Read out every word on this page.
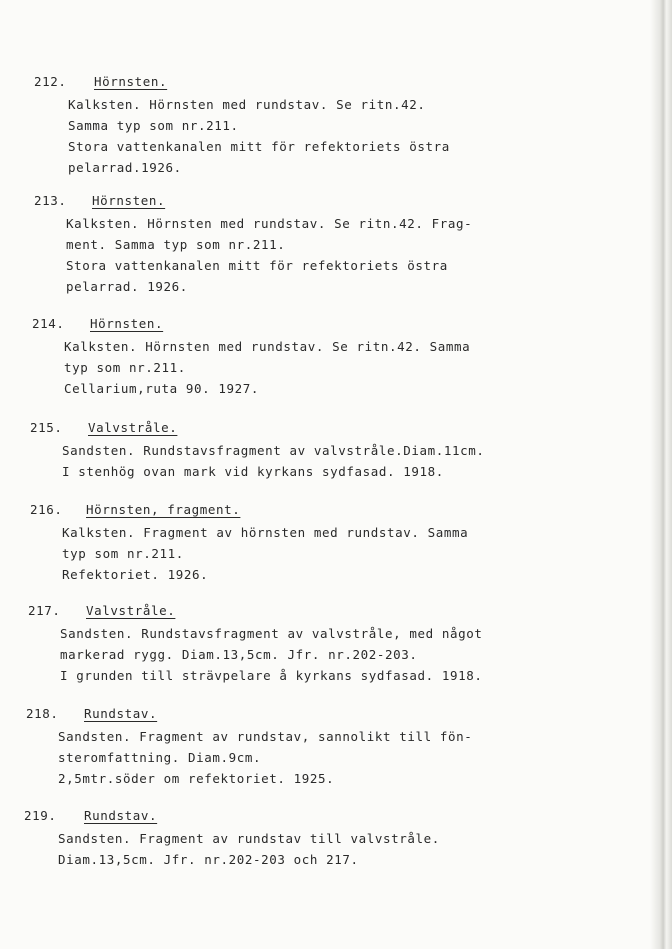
212. Hörnsten.
Kalksten. Hörnsten med rundstav. Se ritn.42.
Samma typ som nr.211.
Stora vattenkanalen mitt för refektoriets östra
pelarrad.1926.
213. Hörnsten.
Kalksten. Hörnsten med rundstav. Se ritn.42. Frag-
ment. Samma typ som nr.211.
Stora vattenkanalen mitt för refektoriets östra
pelarrad. 1926.
214. Hörnsten.
Kalksten. Hörnsten med rundstav. Se ritn.42. Samma
typ som nr.211.
Cellarium,ruta 90. 1927.
215. Valvstråle.
Sandsten. Rundstavsfragment av valvstråle.Diam.11cm.
I stenhög ovan mark vid kyrkans sydfasad. 1918.
216. Hörnsten, fragment.
Kalksten. Fragment av hörnsten med rundstav. Samma
typ som nr.211.
Refektoriet. 1926.
217. Valvstråle.
Sandsten. Rundstavsfragment av valvstråle, med något
markerad rygg. Diam.13,5cm. Jfr. nr.202-203.
I grunden till strävpelare å kyrkans sydfasad. 1918.
218. Rundstav.
Sandsten. Fragment av rundstav, sannolikt till fön-
steromfattning. Diam.9cm.
2,5mtr.söder om refektoriet. 1925.
219. Rundstav.
Sandsten. Fragment av rundstav till valvstråle.
Diam.13,5cm. Jfr. nr.202-203 och 217.
